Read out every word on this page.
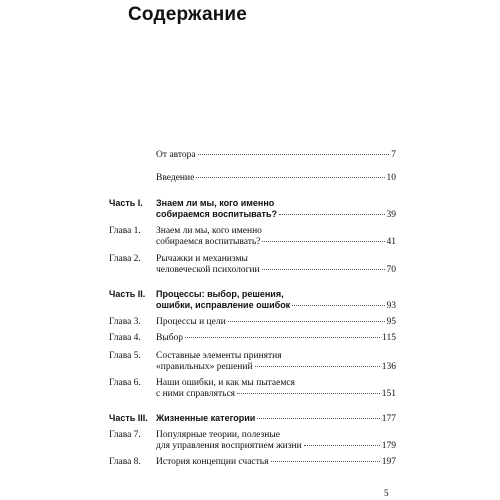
Содержание
От автора	7
Введение	10
Часть I.	Знаем ли мы, кого именно
собираемся воспитывать?	39
Глава 1.	Знаем ли мы, кого именно
собираемся воспитывать?	41
Глава 2.	Рычажки и механизмы
человеческой психологии	70
Часть II.	Процессы: выбор, решения,
ошибки, исправление ошибок	93
Глава 3.	Процессы и цели	95
Глава 4.	Выбор	115
Глава 5.	Составные элементы принятия
«правильных» решений	136
Глава 6.	Наши ошибки, и как мы пытаемся
с ними справляться	151
Часть III. Жизненные категории	177
Глава 7.	Популярные теории, полезные
для управления восприятием жизни	179
Глава 8.	История концепции счастья	197
5
